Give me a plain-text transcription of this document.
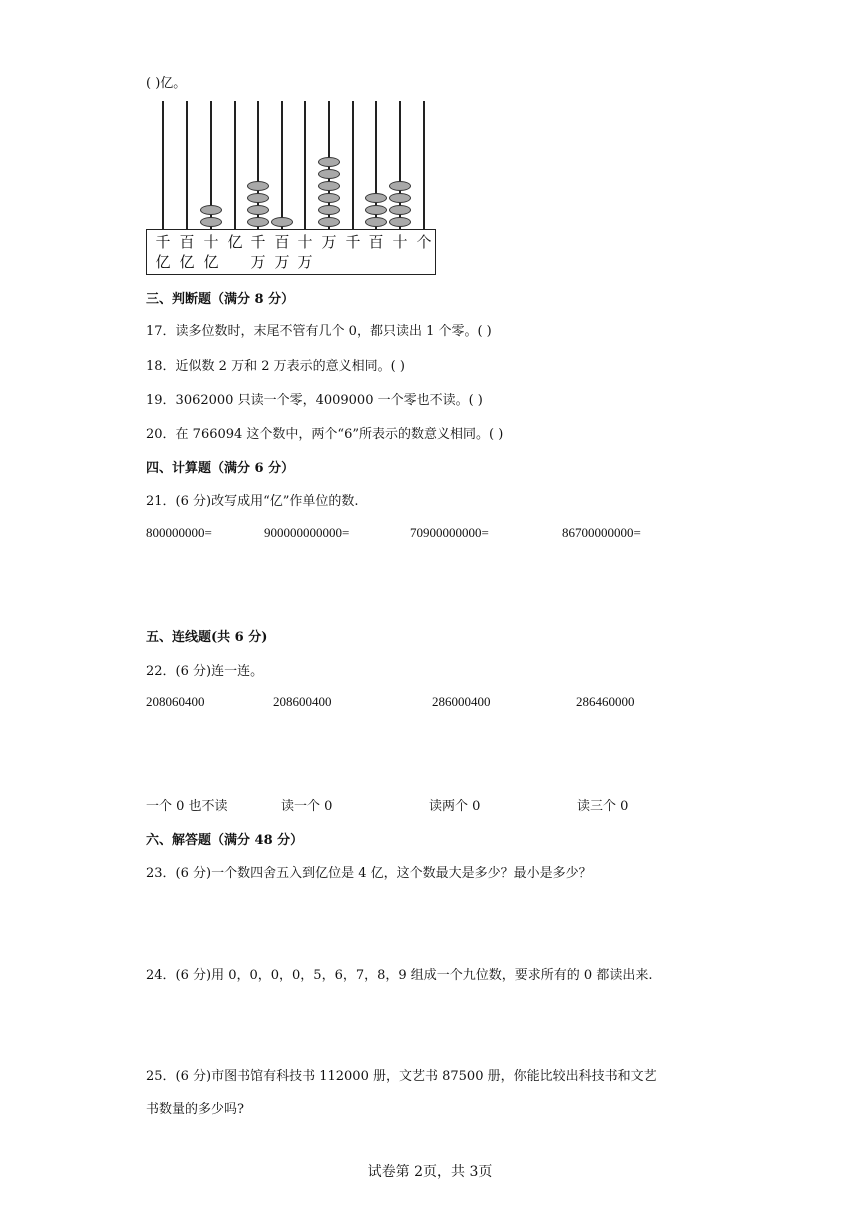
( )亿。
千
亿
百
亿
十
亿
亿
千
万
百
万
十
万
万
千
百
十
个

三、判断题（满分 8 分）
17．读多位数时，末尾不管有几个 0，都只读出 1 个零。( )
18．近似数 2 万和 2 万表示的意义相同。( )
19．3062000 只读一个零，4009000 一个零也不读。( )
20．在 766094 这个数中，两个“6”所表示的数意义相同。( )
四、计算题（满分 6 分）
21．(6 分)改写成用“亿”作单位的数.
800000000=	900000000000=	70900000000=	86700000000=
五、连线题(共 6 分)
22．(6 分)连一连。
208060400	208600400	286000400	286460000
一个 0 也不读	读一个 0	读两个 0	读三个 0
六、解答题（满分 48 分）
23．(6 分)一个数四舍五入到亿位是 4 亿，这个数最大是多少？最小是多少？
24．(6 分)用 0，0，0，0，5，6，7，8，9 组成一个九位数，要求所有的 0 都读出来.
25．(6 分)市图书馆有科技书 112000 册，文艺书 87500 册，你能比较出科技书和文艺
书数量的多少吗?
试卷第 2页，共 3页
